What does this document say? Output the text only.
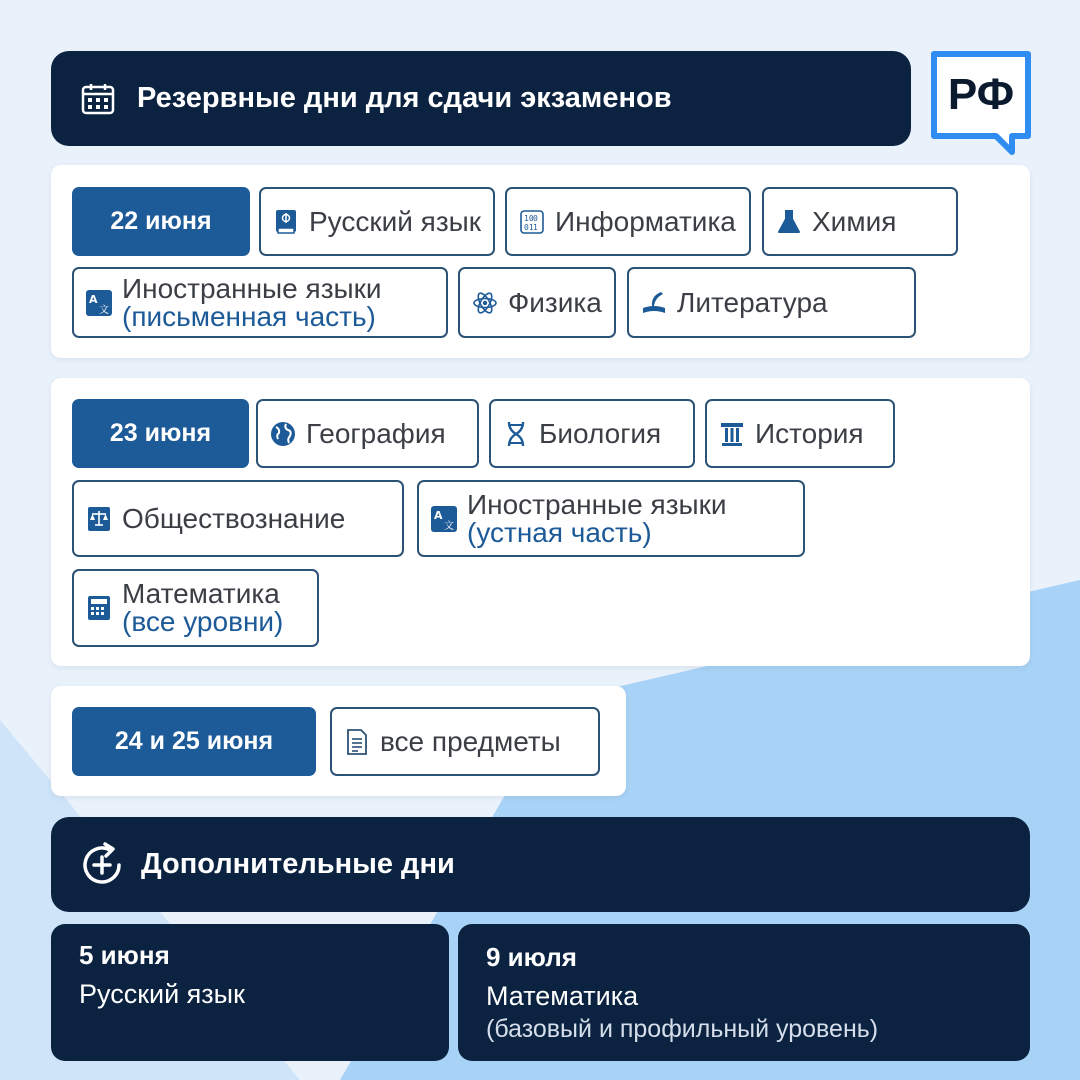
Резервные дни для сдачи экзаменов	РФ
22 июня	Русский язык	10 0
01 1 Информатика	Химия
A
文
Иностранные языки
(письменная часть)	Физика	Литература
23 июня	География	Биология	История
Обществознание	A
文
Иностранные языки
(устная часть)
Математика
(все уровни)
24 и 25 июня	все предметы
Дополнительные дни
5 июня
Русский язык
9 июля
Математика
(базовый и профильный уровень)
